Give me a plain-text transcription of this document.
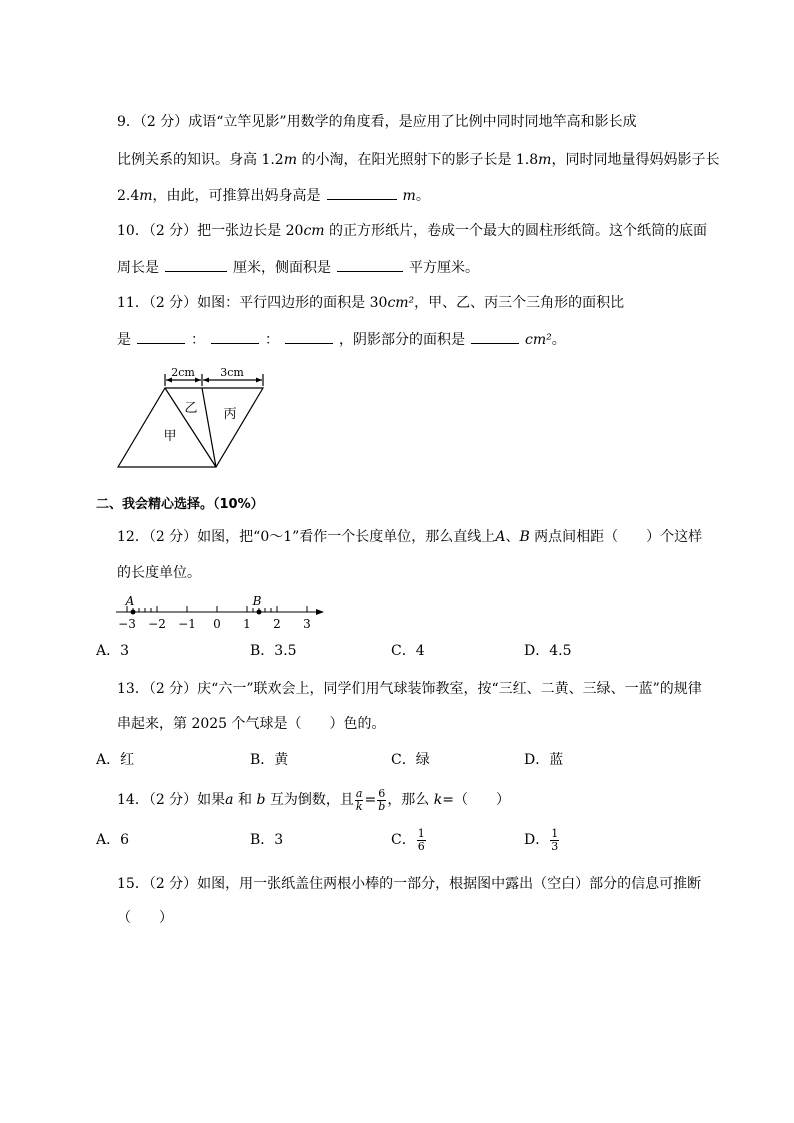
9．（2 分）成语“立竿见影”用数学的角度看，是应用了比例中同时同地竿高和影长成
比例关系的知识。身高 1.2m 的小淘，在阳光照射下的影子长是 1.8m，同时同地量得妈妈影子长
2.4m，由此，可推算出妈身高是	m。
10．（2 分）把一张边长是 20cm 的正方形纸片，卷成一个最大的圆柱形纸筒。这个纸筒的底面
周长是	厘米，侧面积是	平方厘米。
11．（2 分）如图：平行四边形的面积是 30cm²，甲、乙、丙三个三角形的面积比
是	：	：	，阴影部分的面积是	cm²。
2cm 3cm
甲
乙 丙
二、我会精心选择。（10%）
12．（2 分）如图，把“0～1”看作一个长度单位，那么直线上A、B 两点间相距（　　）个这样
的长度单位。
A	B
−3 −2 −1 0 1 2 3
A．3	B．3.5	C．4	D．4.5
13．（2 分）庆“六一”联欢会上，同学们用气球装饰教室，按“三红、二黄、三绿、一蓝”的规律
串起来，第 2025 个气球是（　　）色的。
A．红	B．黄	C．绿	D．蓝
14．（2 分）如果a 和 b 互为倒数，且 $\frac{a}{k} = \frac{6}{b}$ ，那么 k=（　　）
A．6	B．3	C． $\frac{1}{6}$	D． $\frac{1}{3}$
15．（2 分）如图，用一张纸盖住两根小棒的一部分，根据图中露出（空白）部分的信息可推断
（　　）
